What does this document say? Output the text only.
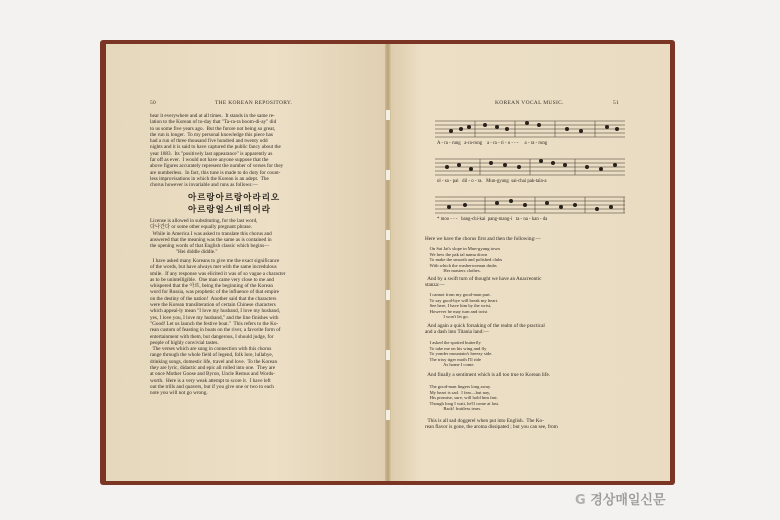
50	THE KOREAN REPOSITORY.
hear it everywhere and at all times.  It stands in the same re-
lation to the Korean of to-day that "Ta-ra-ra boom-di-ay" did
to us some five years ago.  But the furore not being so great,
the run is longer.  To my personal knowledge this piece has
had a run of three thousand five hundred and twenty odd
nights and it is said to have captured the public fancy about the
year 1883.  Its "positively last appearance" is apparently as
far off as ever.  I would not have anyone suppose that the
above figures accurately represent the number of verses for they
are numberless.  In fact, this tune is made to do duty for count-
less improvisations in which the Korean is an adept.  The
chorus however is invariable and runs as follows:—
아르랑아르랑아라리오
아르랑얼스비띄어라
License is allowed in substituting, for the last word,
다나간다 or some other equally pregnant phrase.
While in America I was asked to translate this chorus and
answered that the meaning was the same as is contained in
the opening words of that English classic which begins—
"Hei diddle diddle."
I have asked many Koreans to give me the exact significance
of the words, but have always met with the same incredulous
smile.  If any response was elicited it was of so vague a character
as to be unintelligible.  One man came very close to me and
whispered that the 아르, being the beginning of the Korean
word for Russia, was prophetic of the influence of that empire
on the destiny of the nation!  Another said that the characters
were the Korean transliteration of certain Chinese characters
which appeal-ly mean "I love my husband, I love my husband,
yes, I love you, I love my husband," and the line finishes with
"Good! Let us launch the festive boat."  This refers to the Ko-
rean custom of feasting in boats on the river, a favorite form of
entertainment with them, but dangerous, I should judge, for
people of highly convivial tastes.
The verses which are sung in connection with this chorus
range through the whole field of legend, folk lore, lullabye,
drinking songs, domestic life, travel and love.  To the Korean
they are lyric, didactic and epic all rolled into one.  They are
at once Mother Goose and Byron, Uncle Remus and Words-
worth.  Here is a very weak attempt to score it.  I have left
out the trills and quavers, but if you give one or two to each
note you will not go wrong.
KOREAN VOCAL MUSIC.	51
A - ra - rung   a-ra-rung    a - ra - ri - o - - -     a - ra - rung
ol - sa - pai   dil - o - ra.   Mun-gyung  sai-chai pak-tala-a
* moo - - -   bang-chi-kai  pang-mang-i   ta - na - kan - da
Here we have the chorus first and then the following:—
On Sai Jai's slope in Mun-gyung town
We hew the pak tal namu down
To make the smooth and polished clubs
With which the washerwoman drubs
Her masters clothes.
And by a swift turn of thought we have an Anacreontic
stanza:—
I cannot from my good-man part.
To say good-bye will break my heart.
See here, I have him by the wrist,
However he may turn and twist
I won't let go.
And again a quick forsaking of the realm of the practical
and a dash into Titania land:—
I asked the spotted butterfly
To take me on his wing and fly
To yonder mountain's breezy side.
The trixy tiger moth I'll ride
As home I come.
And finally a sentiment which is all too true to Korean life.
The good-man lingers long away.
My heart is sad.  I fear—but nay,
His promise, sure, will hold him fast.
Though long I wait, he'll come at last.
Back! fruitless tears.
This is all sad doggerel when put into English.  The Ko-
rean flavor is gone, the aroma dissipated ; but you can see, from
G 경상매일신문
